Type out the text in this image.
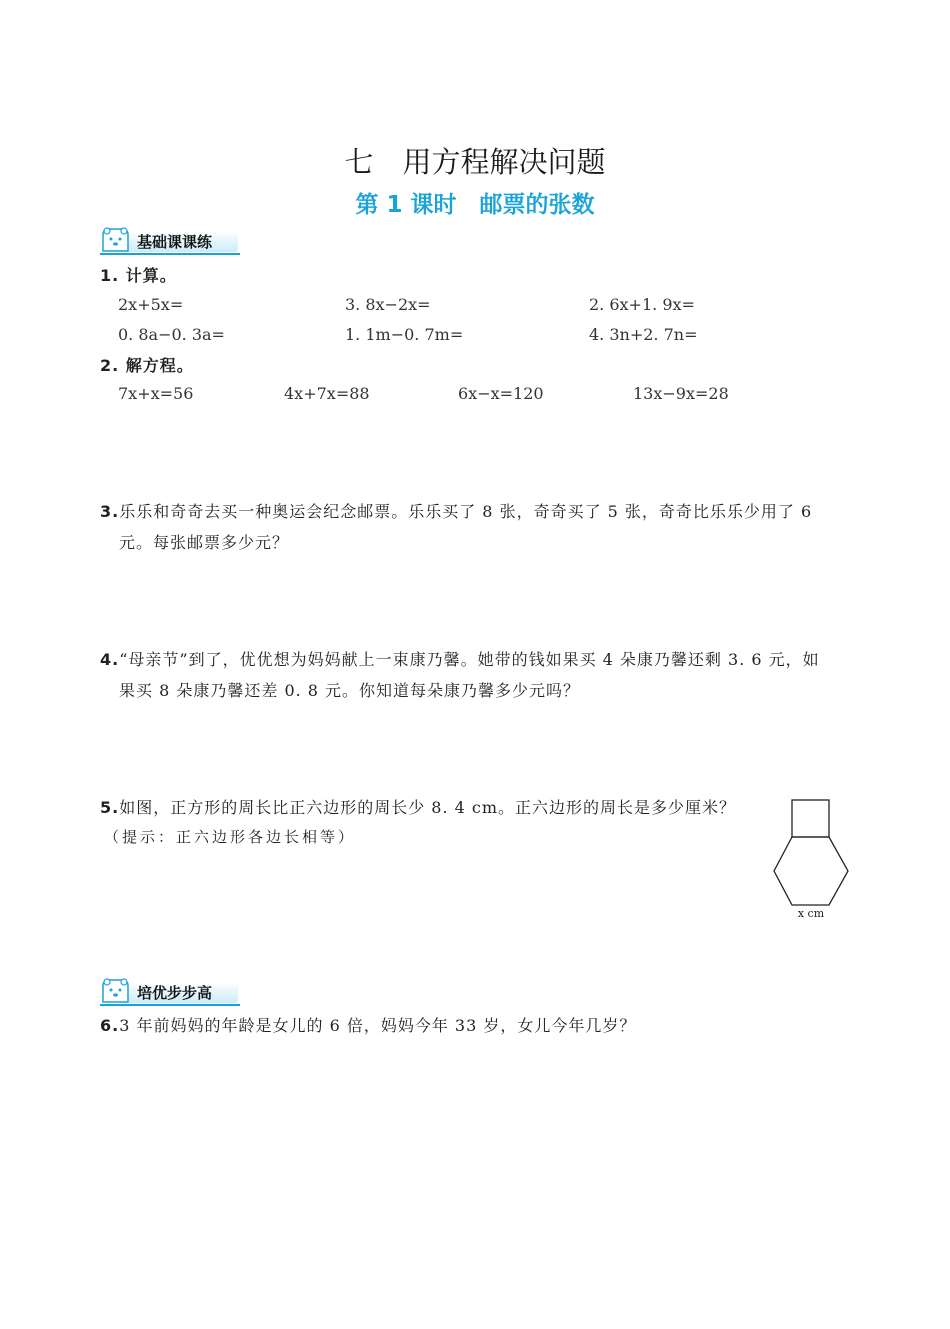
七　用方程解决问题
第 1 课时　邮票的张数
基础课课练
1. 计算。
2x+5x=	3. 8x−2x=	2. 6x+1. 9x=
0. 8a−0. 3a=	1. 1m−0. 7m=	4. 3n+2. 7n=
2. 解方程。
7x+x=56	4x+7x=88	6x−x=120	13x−9x=28
3.乐乐和奇奇去买一种奥运会纪念邮票。乐乐买了 8 张，奇奇买了 5 张，奇奇比乐乐少用了 6
元。每张邮票多少元？
4.“母亲节”到了，优优想为妈妈献上一束康乃馨。她带的钱如果买 4 朵康乃馨还剩 3. 6 元，如
果买 8 朵康乃馨还差 0. 8 元。你知道每朵康乃馨多少元吗？
5.如图，正方形的周长比正六边形的周长少 8. 4 cm。正六边形的周长是多少厘米？
（提示：正六边形各边长相等）
x cm
培优步步高
6.3 年前妈妈的年龄是女儿的 6 倍，妈妈今年 33 岁，女儿今年几岁？
